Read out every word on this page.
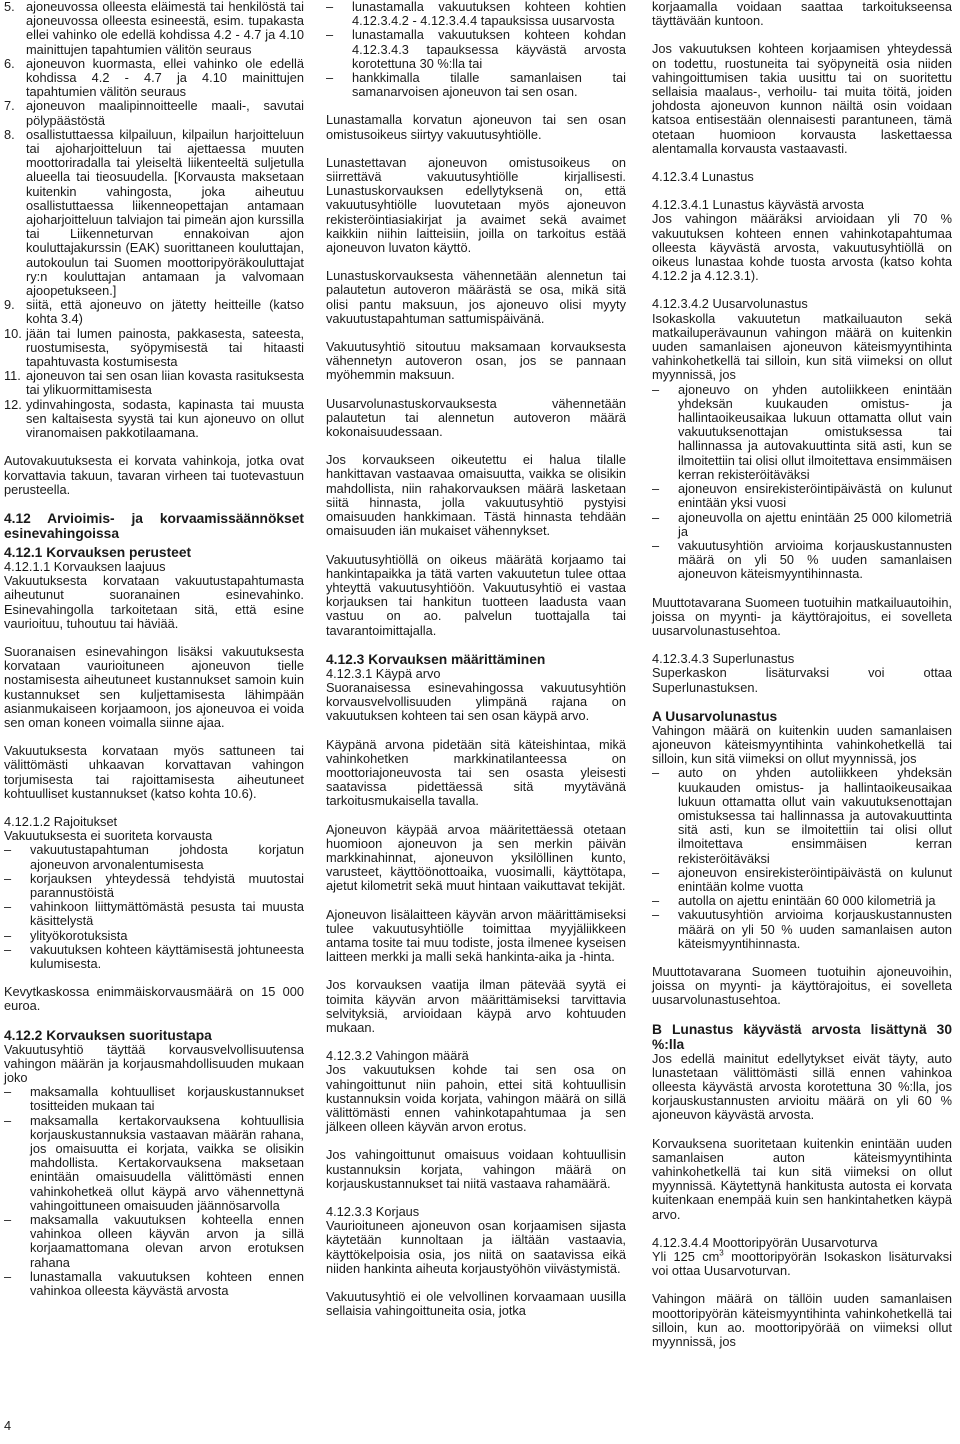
5. ajoneuvossa olleesta eläimestä tai henkilöstä tai ajoneuvossa olleesta esineestä, esim. tupakasta ellei vahinko ole edellä kohdissa 4.2 - 4.7 ja 4.10 mainittujen tapahtumien välitön seuraus
6. ajoneuvon kuormasta, ellei vahinko ole edellä kohdissa 4.2 - 4.7 ja 4.10 mainittujen tapahtumien välitön seuraus
7. ajoneuvon maalipinnoitteelle maali-, savutai pölypäästöstä
8. osallistuttaessa kilpailuun, kilpailun harjoitteluun tai ajoharjoitteluun tai ajettaessa muuten moottoriradalla tai yleiseltä liikenteeltä suljetulla alueella tai tieosuudella. [Korvausta maksetaan kuitenkin vahingosta, joka aiheutuu osallistuttaessa liikenneopettajan antamaan ajoharjoitteluun talviajon tai pimeän ajon kurssilla tai Liikenneturvan ennakoivan ajon kouluttajakurssin (EAK) suorittaneen kouluttajan, autokoulun tai Suomen moottoripyöräkouluttajat ry:n kouluttajan antamaan ja valvomaan ajoopetukseen.]
9. siitä, että ajoneuvo on jätetty heitteille (katso kohta 3.4)
10. jään tai lumen painosta, pakkasesta, sateesta, ruostumisesta, syöpymisestä tai hitaasti tapahtuvasta kostumisesta
11. ajoneuvon tai sen osan liian kovasta rasituksesta tai ylikuormittamisesta
12. ydinvahingosta, sodasta, kapinasta tai muusta sen kaltaisesta syystä tai kun ajoneuvo on ollut viranomaisen pakkotilaamana.

Autovakuutuksesta ei korvata vahinkoja, jotka ovat korvattavia takuun, tavaran virheen tai tuotevastuun perusteella.

4.12 Arvioimis- ja korvaamissäännökset esinevahingoissa
4.12.1 Korvauksen perusteet

4.12.1.1 Korvauksen laajuus

Vakuutuksesta korvataan vakuutustapahtumasta aiheutunut suoranainen esinevahinko. Esinevahingolla tarkoitetaan sitä, että esine vaurioituu, tuhoutuu tai häviää.

Suoranaisen esinevahingon lisäksi vakuutuksesta korvataan vaurioituneen ajoneuvon tielle nostamisesta aiheutuneet kustannukset samoin kuin kustannukset sen kuljettamisesta lähimpään asianmukaiseen korjaamoon, jos ajoneuvoa ei voida sen oman koneen voimalla siinne ajaa.

Vakuutuksesta korvataan myös sattuneen tai välittömästi uhkaavan korvattavan vahingon torjumisesta tai rajoittamisesta aiheutuneet kohtuulliset kustannukset (katso kohta 10.6).

4.12.1.2 Rajoitukset

Vakuutuksesta ei suoriteta korvausta

–	vakuutustapahtuman johdosta korjatun ajoneuvon arvonalentumisesta
–	korjauksen yhteydessä tehdyistä muutostai parannustöistä
–	vahinkoon liittymättömästä pesusta tai muusta käsittelystä
–	ylityökorotuksista
–	vakuutuksen kohteen käyttämisestä johtuneesta kulumisesta.

Kevytkaskossa enimmäiskorvausmäärä on 15 000 euroa.

4.12.2 Korvauksen suoritustapa

Vakuutusyhtiö täyttää korvausvelvollisuutensa vahingon määrän ja korjausmahdollisuuden mukaan joko

–	maksamalla kohtuulliset korjauskustannukset tositteiden mukaan tai
–	maksamalla kertakorvauksena kohtuullisia korjauskustannuksia vastaavan määrän rahana, jos omaisuutta ei korjata, vaikka se olisikin mahdollista. Kertakorvauksena maksetaan enintään omaisuudella välittömästi ennen vahinkohetkeä ollut käypä arvo vähennettynä vahingoittuneen omaisuuden jäännösarvolla
–	maksamalla vakuutuksen kohteella ennen vahinkoa olleen käyvän arvon ja sillä korjaamattomana olevan arvon erotuksen rahana
–	lunastamalla vakuutuksen kohteen ennen vahinkoa olleesta käyvästä arvosta
–	lunastamalla vakuutuksen kohteen kohtien 4.12.3.4.2 - 4.12.3.4.4 tapauksissa uusarvosta
–	lunastamalla vakuutuksen kohteen kohdan 4.12.3.4.3 tapauksessa käyvästä arvosta korotettuna 30 %:lla tai
–	hankkimalla tilalle samanlaisen tai samanarvoisen ajoneuvon tai sen osan.

Lunastamalla korvatun ajoneuvon tai sen osan omistusoikeus siirtyy vakuutusyhtiölle.

Lunastettavan ajoneuvon omistusoikeus on siirrettävä vakuutusyhtiölle kirjallisesti. Lunastuskorvauksen edellytyksenä on, että vakuutusyhtiölle luovutetaan myös ajoneuvon rekisteröintiasiakirjat ja avaimet sekä avaimet kaikkiin niihin laitteisiin, joilla on tarkoitus estää ajoneuvon luvaton käyttö.

Lunastuskorvauksesta vähennetään alennetun tai palautetun autoveron määrästä se osa, mikä sitä olisi pantu maksuun, jos ajoneuvo olisi myyty vakuutustapahtuman sattumispäivänä.

Vakuutusyhtiö sitoutuu maksamaan korvauksesta vähennetyn autoveron osan, jos se pannaan myöhemmin maksuun.

Uusarvolunastuskorvauksesta vähennetään palautetun tai alennetun autoveron määrä kokonaisuudessaan.

Jos korvaukseen oikeutettu ei halua tilalle hankittavan vastaavaa omaisuutta, vaikka se olisikin mahdollista, niin rahakorvauksen määrä lasketaan siitä hinnasta, jolla vakuutusyhtiö pystyisi omaisuuden hankkimaan. Tästä hinnasta tehdään omaisuuden iän mukaiset vähennykset.

Vakuutusyhtiöllä on oikeus määrätä korjaamo tai hankintapaikka ja tätä varten vakuutetun tulee ottaa yhteyttä vakuutusyhtiöön. Vakuutusyhtiö ei vastaa korjauksen tai hankitun tuotteen laadusta vaan vastuu on ao. palvelun tuottajalla tai tavarantoimittajalla.

4.12.3 Korvauksen määrittäminen

4.12.3.1 Käypä arvo

Suoranaisessa esinevahingossa vakuutusyhtiön korvausvelvollisuuden ylimpänä rajana on vakuutuksen kohteen tai sen osan käypä arvo.

Käypänä arvona pidetään sitä käteishintaa, mikä vahinkohetken markkinatilanteessa on moottoriajoneuvosta tai sen osasta yleisesti saatavissa pidettäessä sitä myytävänä tarkoitusmukaisella tavalla.

Ajoneuvon käypää arvoa määritettäessä otetaan huomioon ajoneuvon ja sen merkin päivän markkinahinnat, ajoneuvon yksilöllinen kunto, varusteet, käyttöönottoaika, vuosimalli, käyttötapa, ajetut kilometrit sekä muut hintaan vaikuttavat tekijät.

Ajoneuvon lisälaitteen käyvän arvon määrittämiseksi tulee vakuutusyhtiölle toimittaa myyjäliikkeen antama tosite tai muu todiste, josta ilmenee kyseisen laitteen merkki ja malli sekä hankinta-aika ja -hinta.

Jos korvauksen vaatija ilman pätevää syytä ei toimita käyvän arvon määrittämiseksi tarvittavia selvityksiä, arvioidaan käypä arvo kohtuuden mukaan.

4.12.3.2 Vahingon määrä

Jos vakuutuksen kohde tai sen osa on vahingoittunut niin pahoin, ettei sitä kohtuullisin kustannuksin voida korjata, vahingon määrä on sillä välittömästi ennen vahinkotapahtumaa ja sen jälkeen olleen käyvän arvon erotus.

Jos vahingoittunut omaisuus voidaan kohtuullisin kustannuksin korjata, vahingon määrä on korjauskustannukset tai niitä vastaava rahamäärä.

4.12.3.3 Korjaus

Vaurioituneen ajoneuvon osan korjaamisen sijasta käytetään kunnoltaan ja iältään vastaavia, käyttökelpoisia osia, jos niitä on saatavissa eikä niiden hankinta aiheuta korjaustyöhön viivästymistä.

Vakuutusyhtiö ei ole velvollinen korvaamaan uusilla sellaisia vahingoittuneita osia, jotka

korjaamalla voidaan saattaa tarkoitukseensa täyttävään kuntoon.

Jos vakuutuksen kohteen korjaamisen yhteydessä on todettu, ruostuneita tai syöpyneitä osia niiden vahingoittumisen takia uusittu tai on suoritettu sellaisia maalaus-, verhoilu- tai muita töitä, joiden johdosta ajoneuvon kunnon näiltä osin voidaan katsoa entisestään olennaisesti parantuneen, tämä otetaan huomioon korvausta laskettaessa alentamalla korvausta vastaavasti.

4.12.3.4 Lunastus

4.12.3.4.1 Lunastus käyvästä arvosta

Jos vahingon määräksi arvioidaan yli 70 % vakuutuksen kohteen ennen vahinkotapahtumaa olleesta käyvästä arvosta, vakuutusyhtiöllä on oikeus lunastaa kohde tuosta arvosta (katso kohta 4.12.2 ja 4.12.3.1).

4.12.3.4.2 Uusarvolunastus

Isokaskolla vakuutetun matkailuauton sekä matkailuperävaunun vahingon määrä on kuitenkin uuden samanlaisen ajoneuvon käteismyyntihinta vahinkohetkellä tai silloin, kun sitä viimeksi on ollut myynnissä, jos

–	ajoneuvo on yhden autoliikkeen enintään yhdeksän kuukauden omistus- ja hallintaoikeusaikaa lukuun ottamatta ollut vain vakuutuksenottajan omistuksessa tai hallinnassa ja autovakuuttinta sitä asti, kun se ilmoitettiin tai olisi ollut ilmoitettava ensimmäisen kerran rekisteröitäväksi
–	ajoneuvon ensirekisteröintipäivästä on kulunut enintään yksi vuosi
–	ajoneuvolla on ajettu enintään 25 000 kilometriä ja
–	vakuutusyhtiön arvioima korjauskustannusten määrä on yli 50 % uuden samanlaisen ajoneuvon käteismyyntihinnasta.

Muuttotavarana Suomeen tuotuihin matkailuautoihin, joissa on myynti- ja käyttörajoitus, ei sovelleta uusarvolunastusehtoa.

4.12.3.4.3 Superlunastus

Superkaskon lisäturvaksi voi ottaa Superlunastuksen.

A Uusarvolunastus

Vahingon määrä on kuitenkin uuden samanlaisen ajoneuvon käteismyyntihinta vahinkohetkellä tai silloin, kun sitä viimeksi on ollut myynnissä, jos

–	auto on yhden autoliikkeen yhdeksän kuukauden omistus- ja hallintaoikeusaikaa lukuun ottamatta ollut vain vakuutuksenottajan omistuksessa tai hallinnassa ja autovakuuttinta sitä asti, kun se ilmoitettiin tai olisi ollut ilmoitettava ensimmäisen kerran rekisteröitäväksi
–	ajoneuvon ensirekisteröintipäivästä on kulunut enintään kolme vuotta
–	autolla on ajettu enintään 60 000 kilometriä ja
–	vakuutusyhtiön arvioima korjauskustannusten määrä on yli 50 % uuden samanlaisen auton käteismyyntihinnasta.

Muuttotavarana Suomeen tuotuihin ajoneuvoihin, joissa on myynti- ja käyttörajoitus, ei sovelleta uusarvolunastusehtoa.

B Lunastus käyvästä arvosta lisättynä 30 %:lla

Jos edellä mainitut edellytykset eivät täyty, auto lunastetaan välittömästi sillä ennen vahinkoa olleesta käyvästä arvosta korotettuna 30 %:lla, jos korjauskustannusten arvioitu määrä on yli 60 % ajoneuvon käyvästä arvosta.

Korvauksena suoritetaan kuitenkin enintään uuden samanlaisen auton käteismyyntihinta vahinkohetkellä tai kun sitä viimeksi on ollut myynnissä. Käytettynä hankitusta autosta ei korvata kuitenkaan enempää kuin sen hankintahetken käypä arvo.

4.12.3.4.4 Moottoripyörän Uusarvoturva

Yli 125 $cm^3$ moottoripyörän Isokaskon lisäturvaksi voi ottaa Uusarvoturvan.

Vahingon määrä on tällöin uuden samanlaisen moottoripyörän käteismyyntihinta vahinkohetkellä tai silloin, kun ao. moottoripyörää on viimeksi ollut myynnissä, jos

4
